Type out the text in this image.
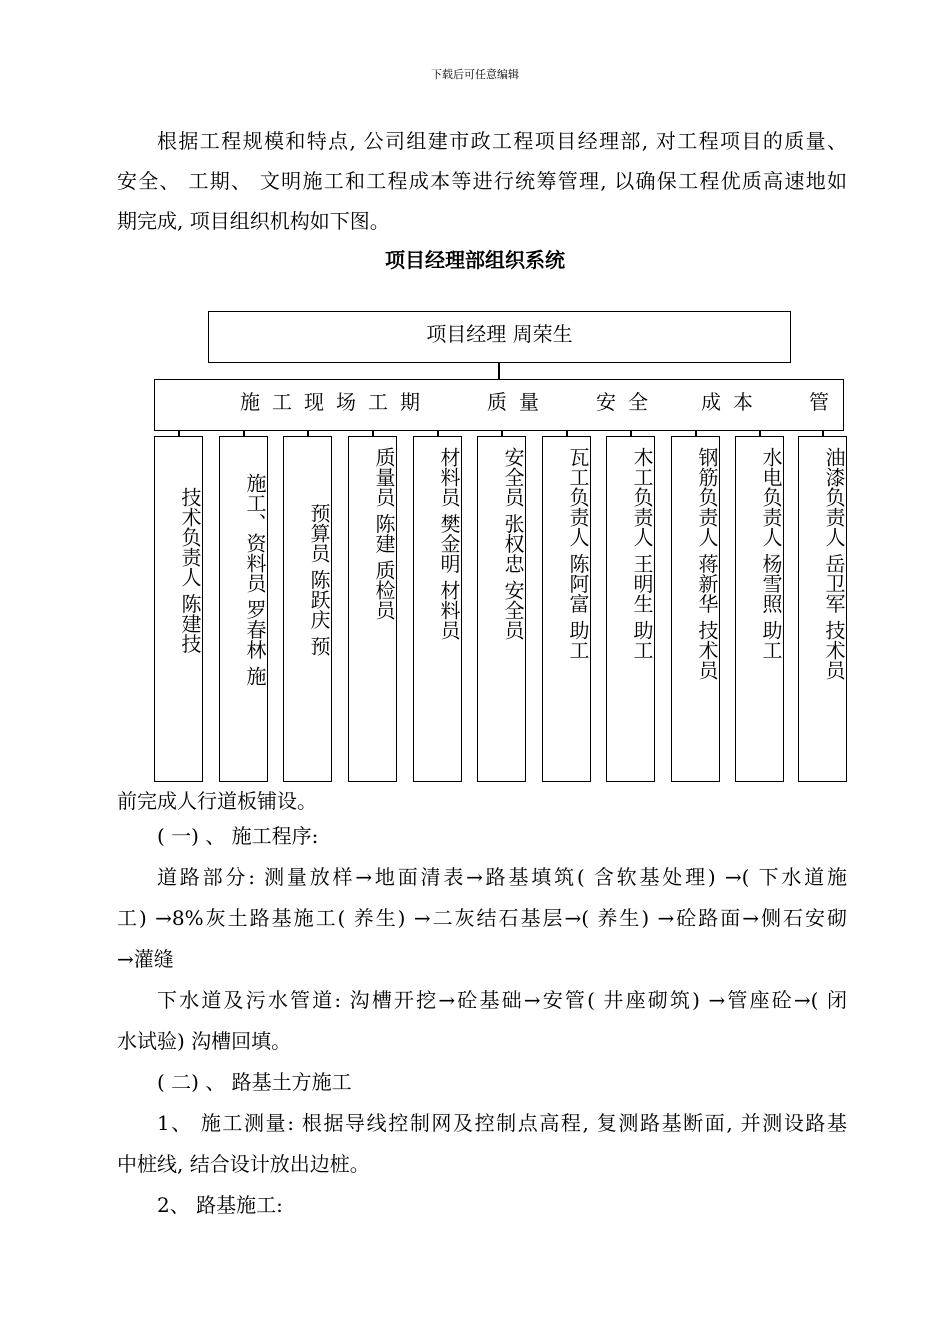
下载后可任意编辑

根据工程规模和特点, 公司组建市政工程项目经理部, 对工程项目的质量、

安全、 工期、 文明施工和工程成本等进行统筹管理, 以确保工程优质高速地如

期完成, 项目组织机构如下图。

项目经理部组织系统
项目经理 周荣生
施工现场工期	质量 安全 成本 管
技术负责人 陈建技	施工、资料员 罗春林 施	预算员 陈跃庆 预	质量员 陈建 质检员	材料员 樊金明 材料员	安全员 张权忠 安全员	瓦工负责人 陈阿富 助工	木工负责人 王明生 助工	钢筋负责人 蒋新华 技术员	水电负责人 杨雪照 助工	油漆负责人 岳卫军 技术员

前完成人行道板铺设。

( 一) 、 施工程序:

道路部分: 测量放样→地面清表→路基填筑( 含软基处理) →( 下水道施

工) →8%灰土路基施工( 养生) →二灰结石基层→( 养生) →砼路面→侧石安砌

→灌缝

下水道及污水管道: 沟槽开挖→砼基础→安管( 井座砌筑) →管座砼→( 闭

水试验) 沟槽回填。

( 二) 、 路基土方施工

1、 施工测量: 根据导线控制网及控制点高程, 复测路基断面, 并测设路基

中桩线, 结合设计放出边桩。

2、 路基施工:
